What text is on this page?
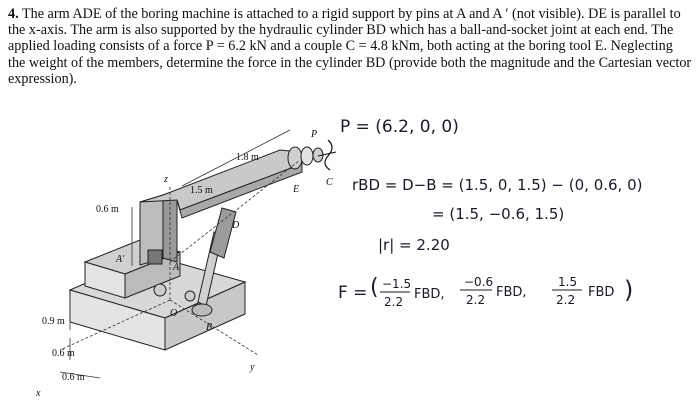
4. The arm ADE of the boring machine is attached to a rigid support by pins at A and A ′ (not visible). DE is parallel to the x-axis. The arm is also supported by the hydraulic cylinder BD which has a ball-and-socket joint at each end. The applied loading consists of a force P = 6.2 kN and a couple C = 4.8 kNm, both acting at the boring tool E. Neglecting the weight of the members, determine the force in the cylinder BD (provide both the magnitude and the Cartesian vector expression).

1.8 m
1.5 m
0.6 m
0.9 m
0.6 m
0.6 m
z
x
y
D
E
B
A
A′
O
P
C
P = (6.2, 0, 0)
rBD = D−B = (1.5, 0, 1.5) − (0, 0.6, 0)
= (1.5, −0.6, 1.5)
|r| = 2.20
F = ( −1.5
2.2 FBD,
−0.6
2.2 FBD,
1.5
2.2 FBD )
